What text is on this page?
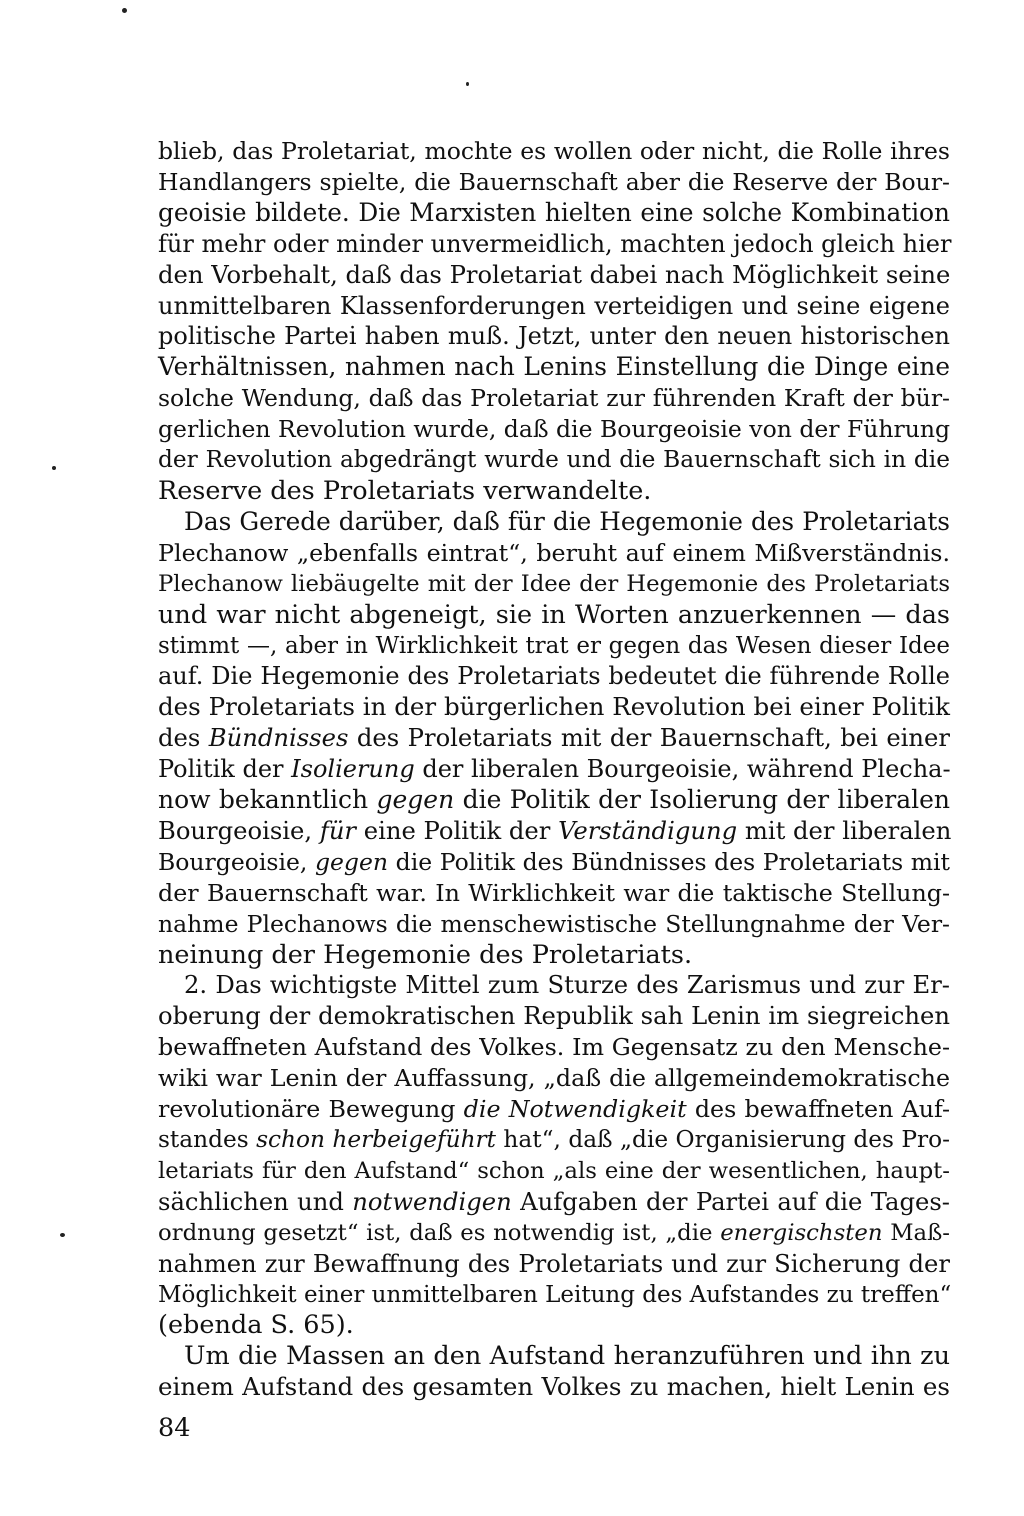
blieb, das Proletariat, mochte es wollen oder nicht, die Rolle ihres
Handlangers spielte, die Bauernschaft aber die Reserve der Bour-
geoisie bildete. Die Marxisten hielten eine solche Kombination
für mehr oder minder unvermeidlich, machten jedoch gleich hier
den Vorbehalt, daß das Proletariat dabei nach Möglichkeit seine
unmittelbaren Klassenforderungen verteidigen und seine eigene
politische Partei haben muß. Jetzt, unter den neuen historischen
Verhältnissen, nahmen nach Lenins Einstellung die Dinge eine
solche Wendung, daß das Proletariat zur führenden Kraft der bür-
gerlichen Revolution wurde, daß die Bourgeoisie von der Führung
der Revolution abgedrängt wurde und die Bauernschaft sich in die
Reserve des Proletariats verwandelte.
Das Gerede darüber, daß für die Hegemonie des Proletariats
Plechanow „ebenfalls eintrat“, beruht auf einem Mißverständnis.
Plechanow liebäugelte mit der Idee der Hegemonie des Proletariats
und war nicht abgeneigt, sie in Worten anzuerkennen — das
stimmt —, aber in Wirklichkeit trat er gegen das Wesen dieser Idee
auf. Die Hegemonie des Proletariats bedeutet die führende Rolle
des Proletariats in der bürgerlichen Revolution bei einer Politik
des Bündnisses des Proletariats mit der Bauernschaft, bei einer
Politik der Isolierung der liberalen Bourgeoisie, während Plecha-
now bekanntlich gegen die Politik der Isolierung der liberalen
Bourgeoisie, für eine Politik der Verständigung mit der liberalen
Bourgeoisie, gegen die Politik des Bündnisses des Proletariats mit
der Bauernschaft war. In Wirklichkeit war die taktische Stellung-
nahme Plechanows die menschewistische Stellungnahme der Ver-
neinung der Hegemonie des Proletariats.
2. Das wichtigste Mittel zum Sturze des Zarismus und zur Er-
oberung der demokratischen Republik sah Lenin im siegreichen
bewaffneten Aufstand des Volkes. Im Gegensatz zu den Mensche-
wiki war Lenin der Auffassung, „daß die allgemeindemokratische
revolutionäre Bewegung die Notwendigkeit des bewaffneten Auf-
standes schon herbeigeführt hat“, daß „die Organisierung des Pro-
letariats für den Aufstand“ schon „als eine der wesentlichen, haupt-
sächlichen und notwendigen Aufgaben der Partei auf die Tages-
ordnung gesetzt“ ist, daß es notwendig ist, „die energischsten Maß-
nahmen zur Bewaffnung des Proletariats und zur Sicherung der
Möglichkeit einer unmittelbaren Leitung des Aufstandes zu treffen“
(ebenda S. 65).
Um die Massen an den Aufstand heranzuführen und ihn zu
einem Aufstand des gesamten Volkes zu machen, hielt Lenin es
84
